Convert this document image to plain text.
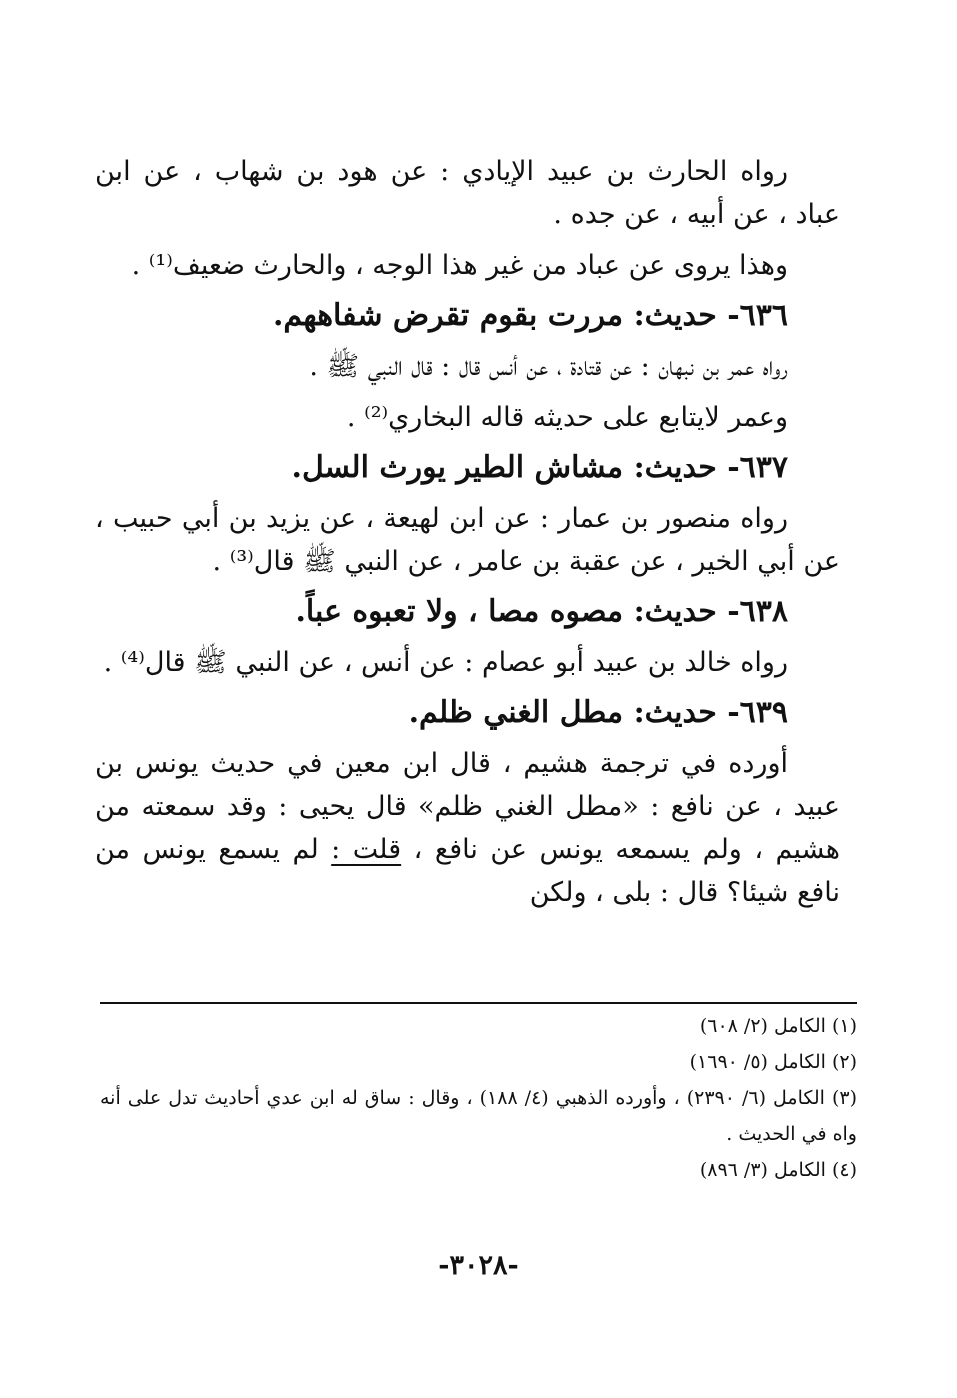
رواه الحارث بن عبيد الإيادي : عن هود بن شهاب ، عن ابن عباد ، عن أبيه ، عن جده .

وهذا يروى عن عباد من غير هذا الوجه ، والحارث ضعيف⁽¹⁾ .

٦٣٦- حديث: مررت بقوم تقرض شفاههم.

رواه عمر بن نبهان : عن قتادة ، عن أنس قال : قال النبي ﷺ .

وعمر لايتابع على حديثه قاله البخاري⁽²⁾ .

٦٣٧- حديث: مشاش الطير يورث السل.

رواه منصور بن عمار : عن ابن لهيعة ، عن يزيد بن أبي حبيب ، عن أبي الخير ، عن عقبة بن عامر ، عن النبي ﷺ قال⁽³⁾ .

٦٣٨- حديث: مصوه مصا ، ولا تعبوه عباً.

رواه خالد بن عبيد أبو عصام : عن أنس ، عن النبي ﷺ قال⁽⁴⁾ .

٦٣٩- حديث: مطل الغني ظلم.

أورده في ترجمة هشيم ، قال ابن معين في حديث يونس بن عبيد ، عن نافع : «مطل الغني ظلم» قال يحيى : وقد سمعته من هشيم ، ولم يسمعه يونس عن نافع ، قلت : لم يسمع يونس من نافع شيئا؟ قال : بلى ، ولكن

(١) الكامل (٢/ ٦٠٨)

(٢) الكامل (٥/ ١٦٩٠)

(٣) الكامل (٦/ ٢٣٩٠) ، وأورده الذهبي (٤/ ١٨٨) ، وقال : ساق له ابن عدي أحاديث تدل على أنه واه في الحديث .

(٤) الكامل (٣/ ٨٩٦)

-٣٠٢٨-
